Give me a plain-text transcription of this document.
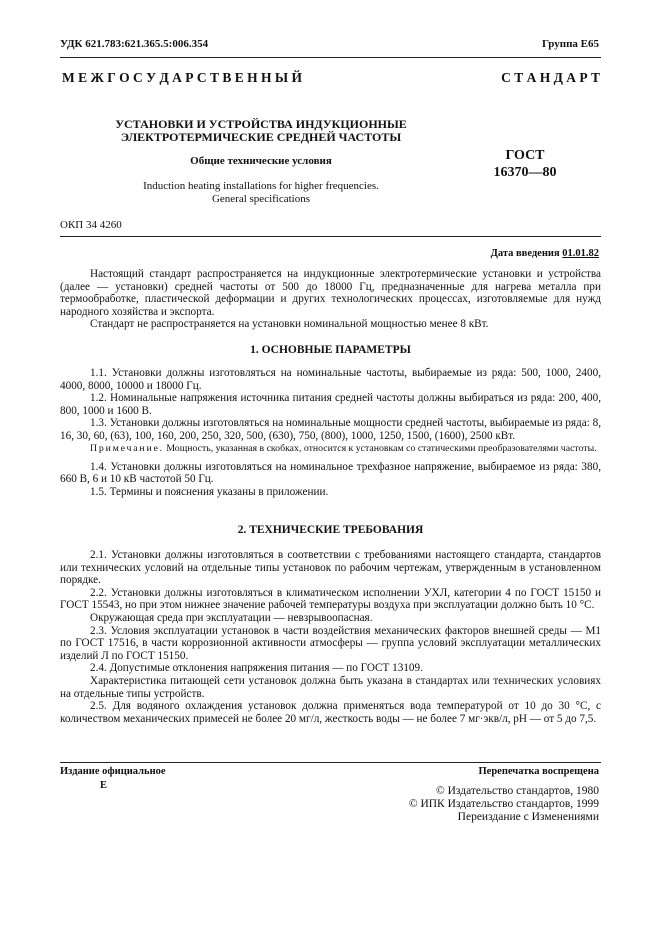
УДК 621.783:621.365.5:006.354	Группа Е65
М Е Ж Г О С У Д А Р С Т В Е Н Н Ы Й	С Т А Н Д А Р Т
УСТАНОВКИ И УСТРОЙСТВА ИНДУКЦИОННЫЕ
ЭЛЕКТРОТЕРМИЧЕСКИЕ СРЕДНЕЙ ЧАСТОТЫ
Общие технические условия
Induction heating installations for higher frequencies.
General specifications
ГОСТ
16370—80
ОКП 34 4260
Дата введения 01.01.82

Настоящий стандарт распространяется на индукционные электротермические установки и устройства (далее — установки) средней частоты от 500 до 18000 Гц, предназначенные для нагрева металла при термообработке, пластической деформации и других технологических процессах, изготовляемые для нужд народного хозяйства и экспорта.

Стандарт не распространяется на установки номинальной мощностью менее 8 кВт.

1. ОСНОВНЫЕ ПАРАМЕТРЫ

1.1. Установки должны изготовляться на номинальные частоты, выбираемые из ряда: 500, 1000, 2400, 4000, 8000, 10000 и 18000 Гц.

1.2. Номинальные напряжения источника питания средней частоты должны выбираться из ряда: 200, 400, 800, 1000 и 1600 В.

1.3. Установки должны изготовляться на номинальные мощности средней частоты, выбираемые из ряда: 8, 16, 30, 60, (63), 100, 160, 200, 250, 320, 500, (630), 750, (800), 1000, 1250, 1500, (1600), 2500 кВт.

Примечание. Мощность, указанная в скобках, относится к установкам со статическими преобразователями частоты.

1.4. Установки должны изготовляться на номинальное трехфазное напряжение, выбираемое из ряда: 380, 660 В, 6 и 10 кВ частотой 50 Гц.

1.5. Термины и пояснения указаны в приложении.

2. ТЕХНИЧЕСКИЕ ТРЕБОВАНИЯ

2.1. Установки должны изготовляться в соответствии с требованиями настоящего стандарта, стандартов или технических условий на отдельные типы установок по рабочим чертежам, утвержденным в установленном порядке.

2.2. Установки должны изготовляться в климатическом исполнении УХЛ, категории 4 по ГОСТ 15150 и ГОСТ 15543, но при этом нижнее значение рабочей температуры воздуха при эксплуатации должно быть 10 °С.

Окружающая среда при эксплуатации — невзрывоопасная.

2.3. Условия эксплуатации установок в части воздействия механических факторов внешней среды — М1 по ГОСТ 17516, в части коррозионной активности атмосферы — группа условий эксплуатации металлических изделий Л по ГОСТ 15150.

2.4. Допустимые отклонения напряжения питания — по ГОСТ 13109.

Характеристика питающей сети установок должна быть указана в стандартах или технических условиях на отдельные типы устройств.

2.5. Для водяного охлаждения установок должна применяться вода температурой от 10 до 30 °С, с количеством механических примесей не более 20 мг/л, жесткость воды — не более 7 мг·экв/л, pH — от 5 до 7,5.

Издание официальное
Е
Перепечатка воспрещена
© Издательство стандартов, 1980
© ИПК Издательство стандартов, 1999
Переиздание с Изменениями
